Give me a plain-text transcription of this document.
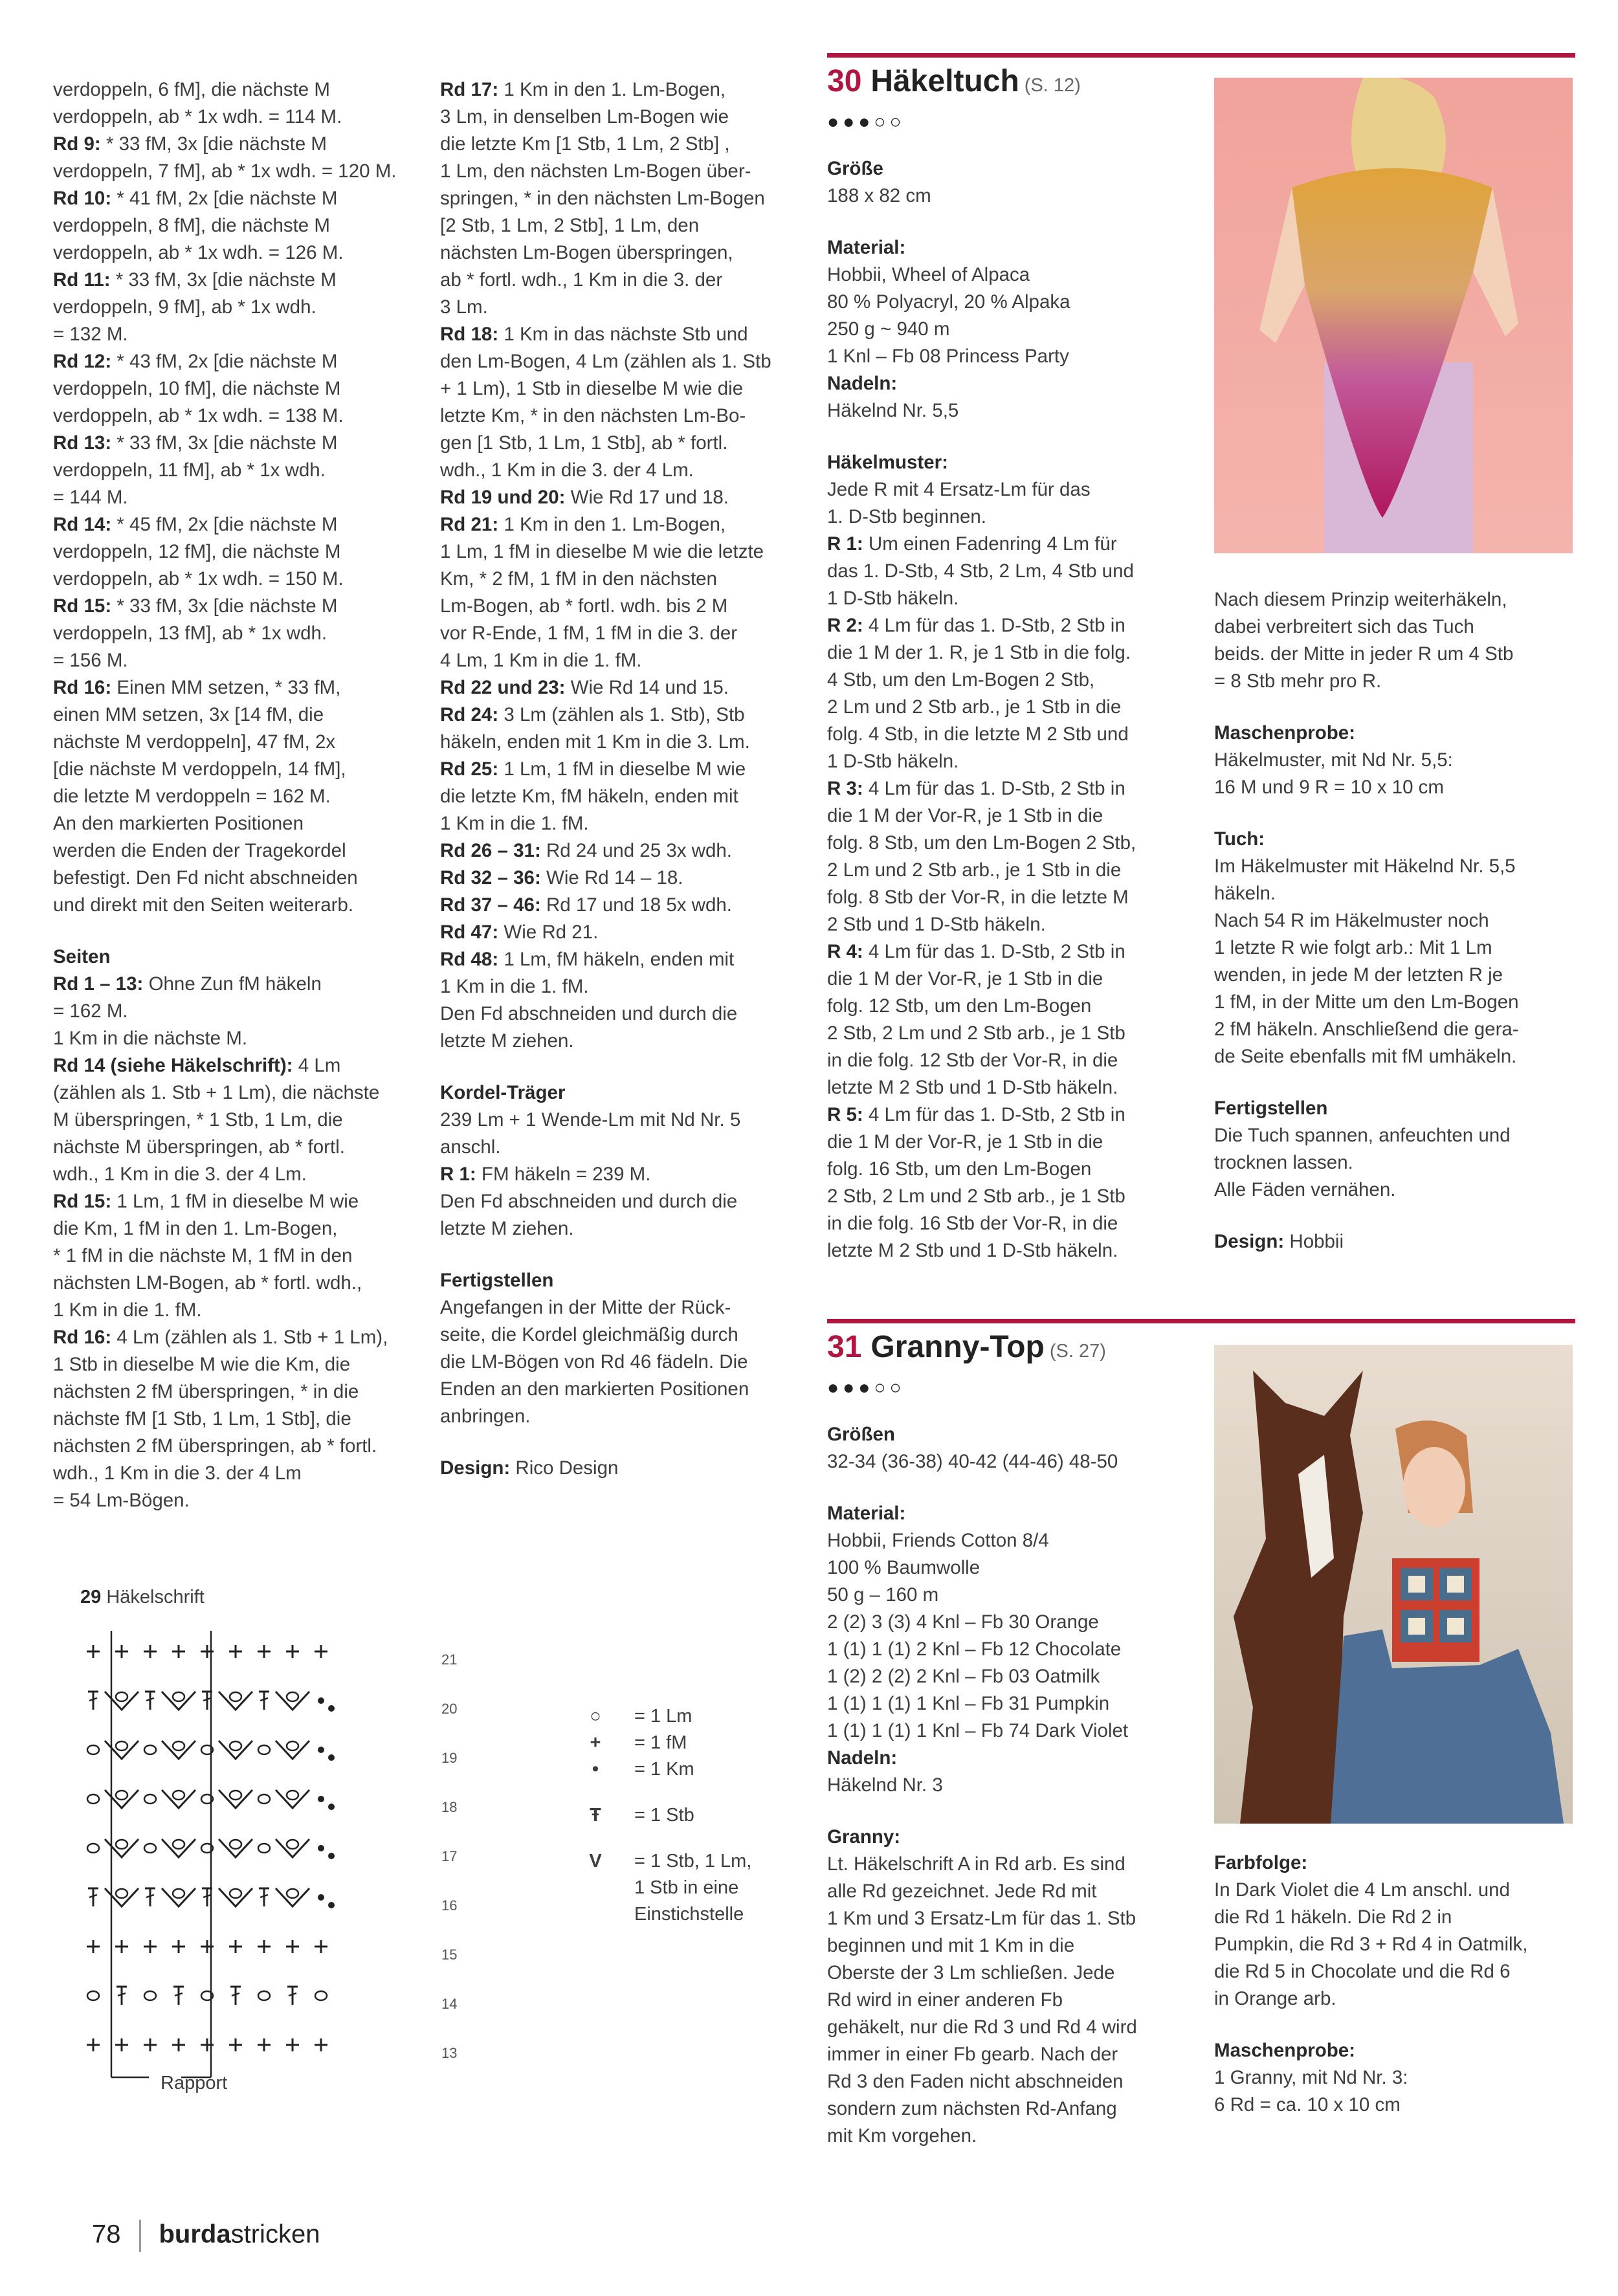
verdoppeln, 6 fM], die nächste M

verdoppeln, ab * 1x wdh. = 114 M.

Rd 9: * 33 fM, 3x [die nächste M

verdoppeln, 7 fM], ab * 1x wdh. = 120 M.

Rd 10: * 41 fM, 2x [die nächste M

verdoppeln, 8 fM], die nächste M

verdoppeln, ab * 1x wdh. = 126 M.

Rd 11: * 33 fM, 3x [die nächste M

verdoppeln, 9 fM], ab * 1x wdh.

= 132 M.

Rd 12: * 43 fM, 2x [die nächste M

verdoppeln, 10 fM], die nächste M

verdoppeln, ab * 1x wdh. = 138 M.

Rd 13: * 33 fM, 3x [die nächste M

verdoppeln, 11 fM], ab * 1x wdh.

= 144 M.

Rd 14: * 45 fM, 2x [die nächste M

verdoppeln, 12 fM], die nächste M

verdoppeln, ab * 1x wdh. = 150 M.

Rd 15: * 33 fM, 3x [die nächste M

verdoppeln, 13 fM], ab * 1x wdh.

= 156 M.

Rd 16: Einen MM setzen, * 33 fM,

einen MM setzen, 3x [14 fM, die

nächste M verdoppeln], 47 fM, 2x

[die nächste M verdoppeln, 14 fM],

die letzte M verdoppeln = 162 M.

An den markierten Positionen

werden die Enden der Tragekordel

befestigt. Den Fd nicht abschneiden

und direkt mit den Seiten weiterarb.

Seiten

Rd 1 – 13: Ohne Zun fM häkeln

= 162 M.

1 Km in die nächste M.

Rd 14 (siehe Häkelschrift): 4 Lm

(zählen als 1. Stb + 1 Lm), die nächste

M überspringen, * 1 Stb, 1 Lm, die

nächste M überspringen, ab * fortl.

wdh., 1 Km in die 3. der 4 Lm.

Rd 15: 1 Lm, 1 fM in dieselbe M wie

die Km, 1 fM in den 1. Lm-Bogen,

* 1 fM in die nächste M, 1 fM in den

nächsten LM-Bogen, ab * fortl. wdh.,

1 Km in die 1. fM.

Rd 16: 4 Lm (zählen als 1. Stb + 1 Lm),

1 Stb in dieselbe M wie die Km, die

nächsten 2 fM überspringen, * in die

nächste fM [1 Stb, 1 Lm, 1 Stb], die

nächsten 2 fM überspringen, ab * fortl.

wdh., 1 Km in die 3. der 4 Lm

= 54 Lm-Bögen.

Rd 17: 1 Km in den 1. Lm-Bogen,

3 Lm, in denselben Lm-Bogen wie

die letzte Km [1 Stb, 1 Lm, 2 Stb] ,

1 Lm, den nächsten Lm-Bogen über-

springen, * in den nächsten Lm-Bogen

[2 Stb, 1 Lm, 2 Stb], 1 Lm, den

nächsten Lm-Bogen überspringen,

ab * fortl. wdh., 1 Km in die 3. der

3 Lm.

Rd 18: 1 Km in das nächste Stb und

den Lm-Bogen, 4 Lm (zählen als 1. Stb

+ 1 Lm), 1 Stb in dieselbe M wie die

letzte Km, * in den nächsten Lm-Bo-

gen [1 Stb, 1 Lm, 1 Stb], ab * fortl.

wdh., 1 Km in die 3. der 4 Lm.

Rd 19 und 20: Wie Rd 17 und 18.

Rd 21: 1 Km in den 1. Lm-Bogen,

1 Lm, 1 fM in dieselbe M wie die letzte

Km, * 2 fM, 1 fM in den nächsten

Lm-Bogen, ab * fortl. wdh. bis 2 M

vor R-Ende, 1 fM, 1 fM in die 3. der

4 Lm, 1 Km in die 1. fM.

Rd 22 und 23: Wie Rd 14 und 15.

Rd 24: 3 Lm (zählen als 1. Stb), Stb

häkeln, enden mit 1 Km in die 3. Lm.

Rd 25: 1 Lm, 1 fM in dieselbe M wie

die letzte Km, fM häkeln, enden mit

1 Km in die 1. fM.

Rd 26 – 31: Rd 24 und 25 3x wdh.

Rd 32 – 36: Wie Rd 14 – 18.

Rd 37 – 46: Rd 17 und 18 5x wdh.

Rd 47: Wie Rd 21.

Rd 48: 1 Lm, fM häkeln, enden mit

1 Km in die 1. fM.

Den Fd abschneiden und durch die

letzte M ziehen.

Kordel-Träger

239 Lm + 1 Wende-Lm mit Nd Nr. 5

anschl.

R 1: FM häkeln = 239 M.

Den Fd abschneiden und durch die

letzte M ziehen.

Fertigstellen

Angefangen in der Mitte der Rück-

seite, die Kordel gleichmäßig durch

die LM-Bögen von Rd 46 fädeln. Die

Enden an den markierten Positionen

anbringen.

Design: Rico Design

30 Häkeltuch (S. 12)
●●●○○

Größe

188 x 82 cm

Material:

Hobbii, Wheel of Alpaca

80 % Polyacryl, 20 % Alpaka

250 g ~ 940 m

1 Knl – Fb 08 Princess Party

Nadeln:

Häkelnd Nr. 5,5

Häkelmuster:

Jede R mit 4 Ersatz-Lm für das

1. D-Stb beginnen.

R 1: Um einen Fadenring 4 Lm für

das 1. D-Stb, 4 Stb, 2 Lm, 4 Stb und

1 D-Stb häkeln.

R 2: 4 Lm für das 1. D-Stb, 2 Stb in

die 1 M der 1. R, je 1 Stb in die folg.

4 Stb, um den Lm-Bogen 2 Stb,

2 Lm und 2 Stb arb., je 1 Stb in die

folg. 4 Stb, in die letzte M 2 Stb und

1 D-Stb häkeln.

R 3: 4 Lm für das 1. D-Stb, 2 Stb in

die 1 M der Vor-R, je 1 Stb in die

folg. 8 Stb, um den Lm-Bogen 2 Stb,

2 Lm und 2 Stb arb., je 1 Stb in die

folg. 8 Stb der Vor-R, in die letzte M

2 Stb und 1 D-Stb häkeln.

R 4: 4 Lm für das 1. D-Stb, 2 Stb in

die 1 M der Vor-R, je 1 Stb in die

folg. 12 Stb, um den Lm-Bogen

2 Stb, 2 Lm und 2 Stb arb., je 1 Stb

in die folg. 12 Stb der Vor-R, in die

letzte M 2 Stb und 1 D-Stb häkeln.

R 5: 4 Lm für das 1. D-Stb, 2 Stb in

die 1 M der Vor-R, je 1 Stb in die

folg. 16 Stb, um den Lm-Bogen

2 Stb, 2 Lm und 2 Stb arb., je 1 Stb

in die folg. 16 Stb der Vor-R, in die

letzte M 2 Stb und 1 D-Stb häkeln.

Nach diesem Prinzip weiterhäkeln,

dabei verbreitert sich das Tuch

beids. der Mitte in jeder R um 4 Stb

= 8 Stb mehr pro R.

Maschenprobe:

Häkelmuster, mit Nd Nr. 5,5:

16 M und 9 R = 10 x 10 cm

Tuch:

Im Häkelmuster mit Häkelnd Nr. 5,5

häkeln.

Nach 54 R im Häkelmuster noch

1 letzte R wie folgt arb.: Mit 1 Lm

wenden, in jede M der letzten R je

1 fM, in der Mitte um den Lm-Bogen

2 fM häkeln. Anschließend die gera-

de Seite ebenfalls mit fM umhäkeln.

Fertigstellen

Die Tuch spannen, anfeuchten und

trocknen lassen.

Alle Fäden vernähen.

Design: Hobbii

31 Granny-Top (S. 27)
●●●○○

Größen

32-34 (36-38) 40-42 (44-46) 48-50

Material:

Hobbii, Friends Cotton 8/4

100 % Baumwolle

50 g – 160 m

2 (2) 3 (3) 4 Knl – Fb 30 Orange

1 (1) 1 (1) 2 Knl – Fb 12 Chocolate

1 (2) 2 (2) 2 Knl – Fb 03 Oatmilk

1 (1) 1 (1) 1 Knl – Fb 31 Pumpkin

1 (1) 1 (1) 1 Knl – Fb 74 Dark Violet

Nadeln:

Häkelnd Nr. 3

Granny:

Lt. Häkelschrift A in Rd arb. Es sind

alle Rd gezeichnet. Jede Rd mit

1 Km und 3 Ersatz-Lm für das 1. Stb

beginnen und mit 1 Km in die

Oberste der 3 Lm schließen. Jede

Rd wird in einer anderen Fb

gehäkelt, nur die Rd 3 und Rd 4 wird

immer in einer Fb gearb. Nach der

Rd 3 den Faden nicht abschneiden

sondern zum nächsten Rd-Anfang

mit Km vorgehen.

Farbfolge:

In Dark Violet die 4 Lm anschl. und

die Rd 1 häkeln. Die Rd 2 in

Pumpkin, die Rd 3 + Rd 4 in Oatmilk,

die Rd 5 in Chocolate und die Rd 6

in Orange arb.

Maschenprobe:

1 Granny, mit Nd Nr. 3:

6 Rd = ca. 10 x 10 cm

29 Häkelschrift
21
20
19
18
17
16
15
14
13
Rapport
○	= 1 Lm
+	= 1 fM
•	= 1 Km
Ŧ	= 1 Stb
V	= 1 Stb, 1 Lm,
1 Stb in eine
Einstichstelle
78 burdastricken
